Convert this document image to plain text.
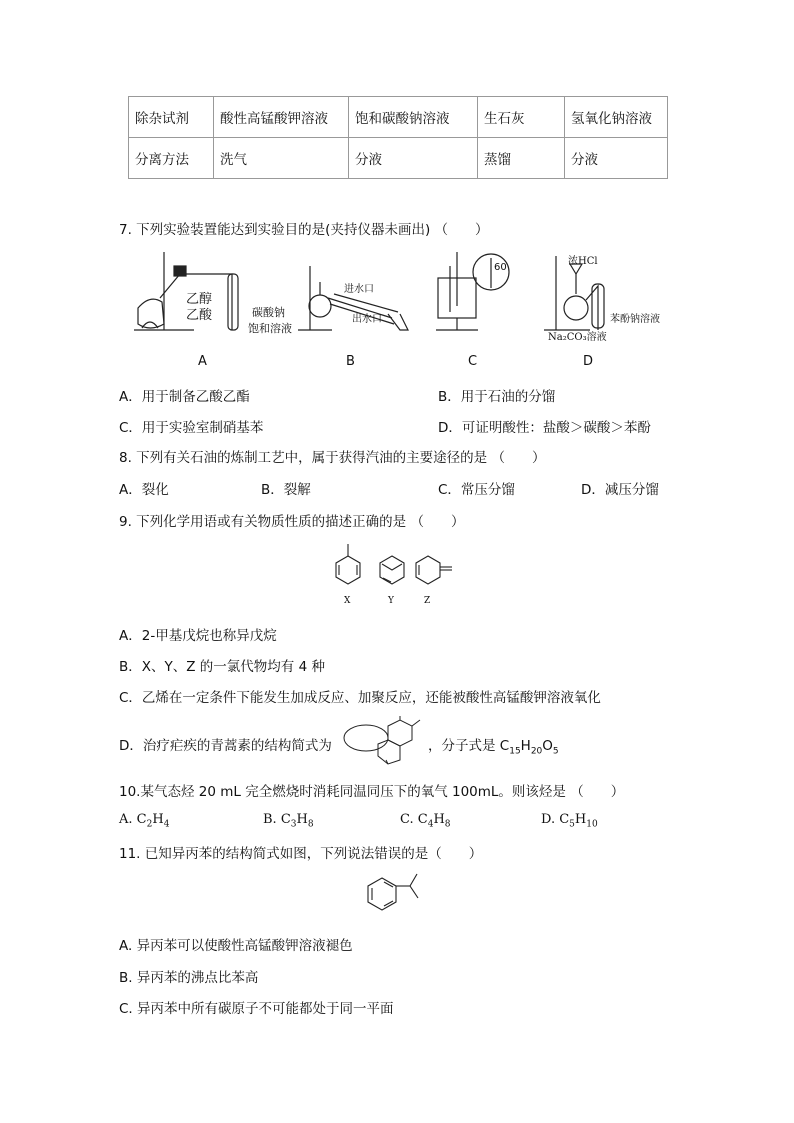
除杂试剂	酸性高锰酸钾溶液	饱和碳酸钠溶液	生石灰	氢氧化钠溶液
分离方法	洗气	分液	蒸馏	分液
7. 下列实验装置能达到实验目的是(夹持仪器未画出) （　　）
乙醇
乙酸	碳酸钠
饱和溶液
进水口
出水口
60
浓HCl
苯酚钠溶液
Na₂CO₃溶液
A	B	C	D
A．用于制备乙酸乙酯	B．用于石油的分馏
C．用于实验室制硝基苯	D．可证明酸性：盐酸＞碳酸＞苯酚
8. 下列有关石油的炼制工艺中，属于获得汽油的主要途径的是 （　　）
A．裂化	B．裂解	C．常压分馏	D．减压分馏
9. 下列化学用语或有关物质性质的描述正确的是 （　　）
X	Y	Z
A．2-甲基戊烷也称异戊烷
B．X、Y、Z 的一氯代物均有 4 种
C．乙烯在一定条件下能发生加成反应、加聚反应，还能被酸性高锰酸钾溶液氧化
D．治疗疟疾的青蒿素的结构简式为	，分子式是 $C_{15}H_{20}O_5$
10.某气态烃 20 mL 完全燃烧时消耗同温同压下的氧气 100mL。则该烃是 （　　）
A. $C_2H_4$	B. $C_3H_8$	C. $C_4H_8$	D. $C_5H_{10}$
11. 已知异丙苯的结构简式如图，下列说法错误的是（　　）
A. 异丙苯可以使酸性高锰酸钾溶液褪色
B. 异丙苯的沸点比苯高
C. 异丙苯中所有碳原子不可能都处于同一平面
